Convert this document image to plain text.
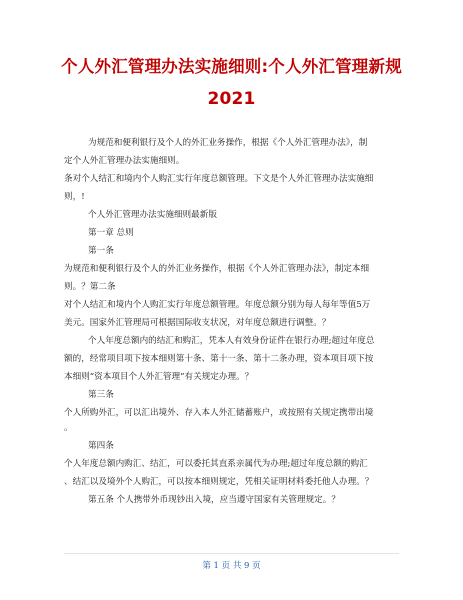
个人外汇管理办法实施细则:个人外汇管理新规
2021
为规范和便利银行及个人的外汇业务操作，根据《个人外汇管理办法》，制
定个人外汇管理办法实施细则。
条对个人结汇和境内个人购汇实行年度总额管理。下文是个人外汇管理办法实施细
则，!
个人外汇管理办法实施细则最新版
第一章 总则
第一条
为规范和便利银行及个人的外汇业务操作，根据《个人外汇管理办法》，制定本细
则。？第二条
对个人结汇和境内个人购汇实行年度总额管理。年度总额分别为每人每年等值5万
美元。国家外汇管理局可根据国际收支状况，对年度总额进行调整。？
个人年度总额内的结汇和购汇，凭本人有效身份证件在银行办理;超过年度总
额的，经常项目项下按本细则第十条、第十一条、第十二条办理，资本项目项下按
本细则“资本项目个人外汇管理”有关规定办理。？
第三条
个人所购外汇，可以汇出境外、存入本人外汇储蓄账户，或按照有关规定携带出境
。
第四条
个人年度总额内购汇、结汇，可以委托其直系亲属代为办理;超过年度总额的购汇
、结汇以及境外个人购汇，可以按本细则规定，凭相关证明材料委托他人办理。？
第五条 个人携带外币现钞出入境，应当遵守国家有关管理规定。？
第 1 页 共 9 页
